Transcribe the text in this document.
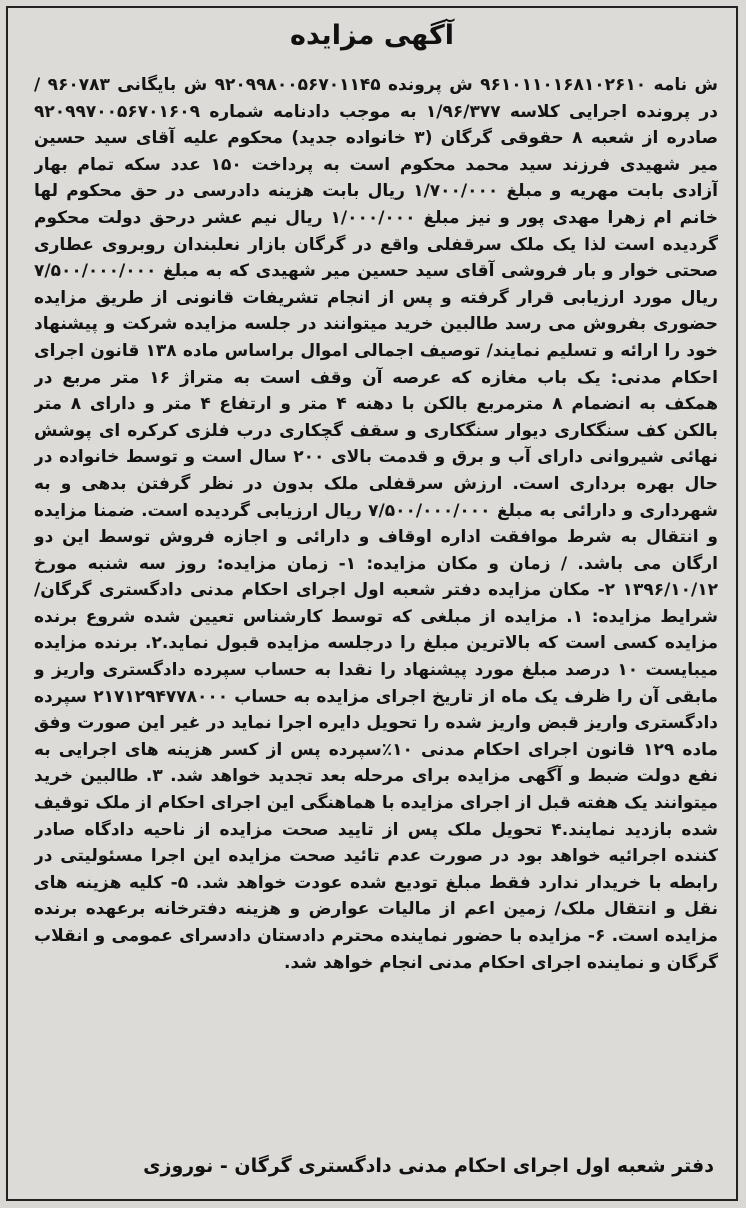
آگهی مزایده
ش نامه ۹۶۱۰۱۱۰۱۶۸۱۰۲۶۱۰ ش پرونده ۹۲۰۹۹۸۰۰۵۶۷۰۱۱۴۵ ش بایگانی ۹۶۰۷۸۳ / در پرونده اجرایی کلاسه ۱/۹۶/۳۷۷ به موجب دادنامه شماره ۹۲۰۹۹۷۰۰۵۶۷۰۱۶۰۹ صادره از شعبه ۸ حقوقی گرگان (۳ خانواده جدید) محکوم علیه آقای سید حسین میر شهیدی فرزند سید محمد محکوم است به پرداخت ۱۵۰ عدد سکه تمام بهار آزادی بابت مهریه و مبلغ ۱/۷۰۰/۰۰۰ ریال بابت هزینه دادرسی در حق محکوم لها خانم ام زهرا مهدی پور و نیز مبلغ ۱/۰۰۰/۰۰۰ ریال نیم عشر درحق دولت محکوم گردیده است لذا یک ملک سرقفلی واقع در گرگان بازار نعلبندان روبروی عطاری صحتی خوار و بار فروشی آقای سید حسین میر شهیدی که به مبلغ ۷/۵۰۰/۰۰۰/۰۰۰ ریال مورد ارزیابی قرار گرفته و پس از انجام تشریفات قانونی از طریق مزایده حضوری بفروش می رسد طالبین خرید میتوانند در جلسه مزایده شرکت و پیشنهاد خود را ارائه و تسلیم نمایند/ توصیف اجمالی اموال براساس ماده ۱۳۸ قانون اجرای احکام مدنی: یک باب مغازه که عرصه آن وقف است به متراژ ۱۶ متر مربع در همکف به انضمام ۸ مترمربع بالکن با دهنه ۴ متر و ارتفاع ۴ متر و دارای ۸ متر بالکن کف سنگکاری دیوار سنگکاری و سقف گچکاری درب فلزی کرکره ای پوشش نهائی شیروانی دارای آب و برق و قدمت بالای ۲۰۰ سال است و توسط خانواده در حال بهره برداری است. ارزش سرقفلی ملک بدون در نظر گرفتن بدهی و به شهرداری و دارائی به مبلغ ۷/۵۰۰/۰۰۰/۰۰۰ ریال ارزیابی گردیده است. ضمنا مزایده و انتقال به شرط موافقت اداره اوقاف و دارائی و اجازه فروش توسط این دو ارگان می باشد. / زمان و مکان مزایده: ۱- زمان مزایده: روز سه شنبه مورخ ۱۳۹۶/۱۰/۱۲ ۲- مکان مزایده دفتر شعبه اول اجرای احکام مدنی دادگستری گرگان/ شرایط مزایده: ۱. مزایده از مبلغی که توسط کارشناس تعیین شده شروع برنده مزایده کسی است که بالاترین مبلغ را درجلسه مزایده قبول نماید.۲. برنده مزایده میبایست ۱۰ درصد مبلغ مورد پیشنهاد را نقدا به حساب سپرده دادگستری واریز و مابقی آن را ظرف یک ماه از تاریخ اجرای مزایده به حساب ۲۱۷۱۲۹۴۷۷۸۰۰۰ سپرده دادگستری واریز قبض واریز شده را تحویل دایره اجرا نماید در غیر این صورت وفق ماده ۱۲۹ قانون اجرای احکام مدنی ۱۰٪سپرده پس از کسر هزینه های اجرایی به نفع دولت ضبط و آگهی مزایده برای مرحله بعد تجدید خواهد شد. ۳. طالبین خرید میتوانند یک هفته قبل از اجرای مزایده با هماهنگی این اجرای احکام از ملک توقیف شده بازدید نمایند.۴ تحویل ملک پس از تایید صحت مزایده از ناحیه دادگاه صادر کننده اجرائیه خواهد بود در صورت عدم تائید صحت مزایده این اجرا مسئولیتی در رابطه با خریدار ندارد فقط مبلغ تودیع شده عودت خواهد شد. ۵- کلیه هزینه های نقل و انتقال ملک/ زمین اعم از مالیات عوارض و هزینه دفترخانه برعهده برنده مزایده است. ۶- مزایده با حضور نماینده محترم دادستان دادسرای عمومی و انقلاب گرگان و نماینده اجرای احکام مدنی انجام خواهد شد.
دفتر شعبه اول اجرای احکام مدنی دادگستری گرگان - نوروزی
